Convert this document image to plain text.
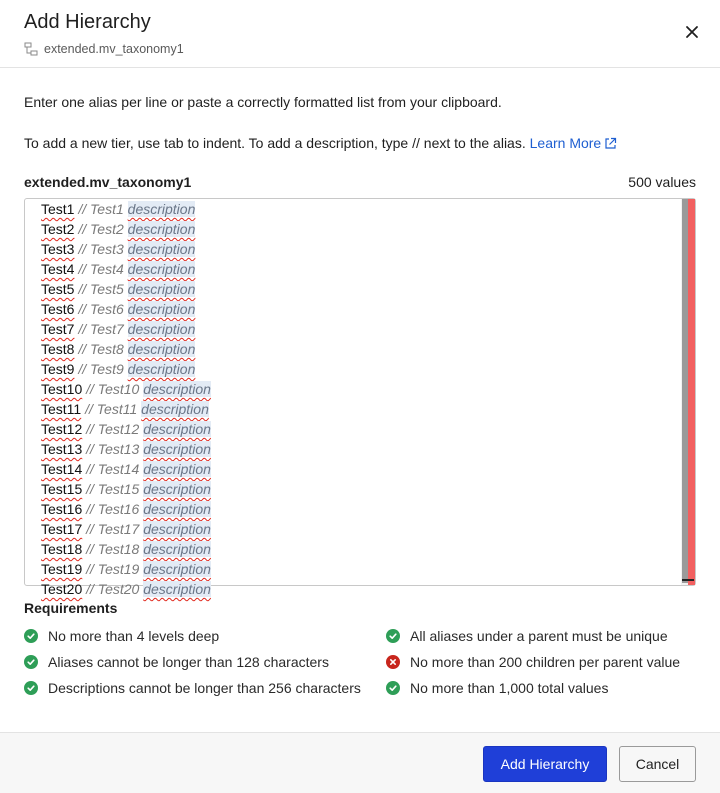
Add Hierarchy
extended.mv_taxonomy1
Enter one alias per line or paste a correctly formatted list from your clipboard.
To add a new tier, use tab to indent. To add a description, type // next to the alias. Learn More
extended.mv_taxonomy1	500 values
Test1 // Test1 description
Test2 // Test2 description
Test3 // Test3 description
Test4 // Test4 description
Test5 // Test5 description
Test6 // Test6 description
Test7 // Test7 description
Test8 // Test8 description
Test9 // Test9 description
Test10 // Test10 description
Test11 // Test11 description
Test12 // Test12 description
Test13 // Test13 description
Test14 // Test14 description
Test15 // Test15 description
Test16 // Test16 description
Test17 // Test17 description
Test18 // Test18 description
Test19 // Test19 description
Test20 // Test20 description
Requirements
No more than 4 levels deep	All aliases under a parent must be unique
Aliases cannot be longer than 128 characters	No more than 200 children per parent value
Descriptions cannot be longer than 256 characters	No more than 1,000 total values
Add Hierarchy	Cancel
